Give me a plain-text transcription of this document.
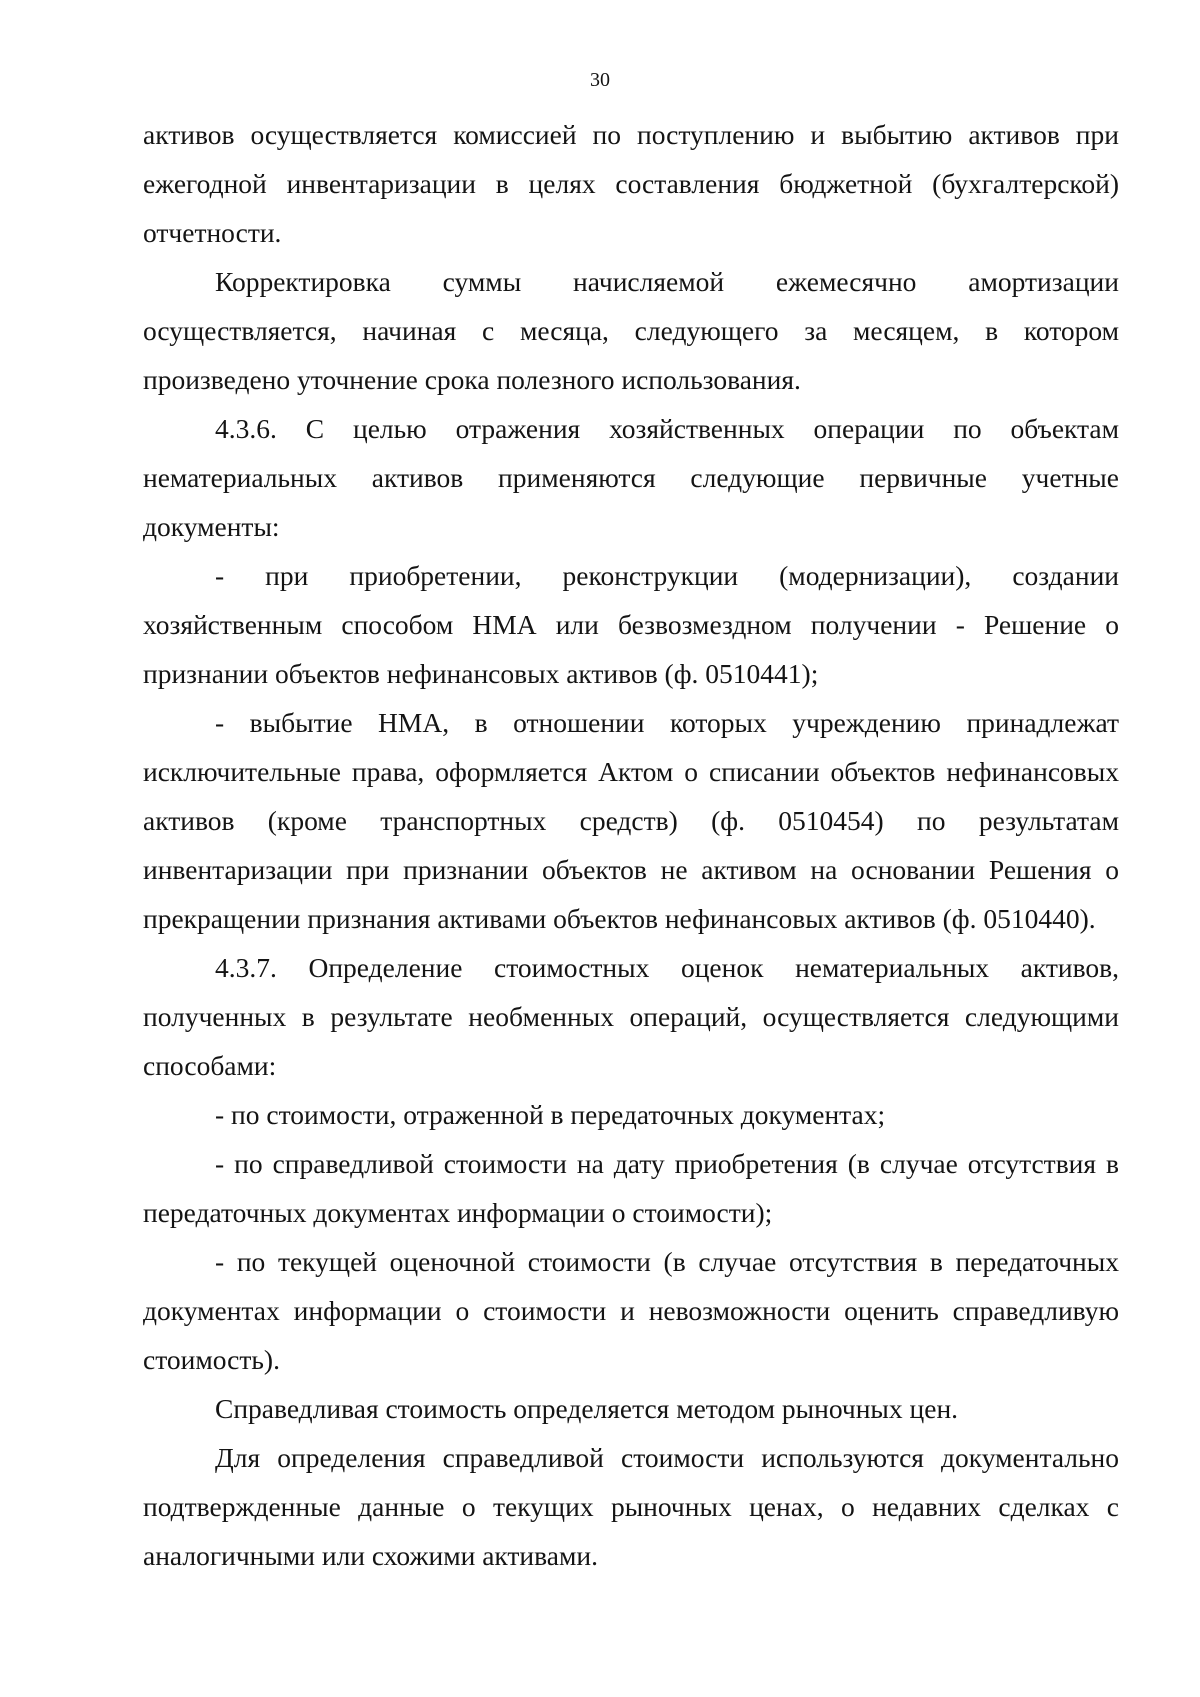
30

активов осуществляется комиссией по поступлению и выбытию активов при ежегодной инвентаризации в целях составления бюджетной (бухгалтерской) отчетности.

Корректировка суммы начисляемой ежемесячно амортизации осуществляется, начиная с месяца, следующего за месяцем, в котором произведено уточнение срока полезного использования.

4.3.6. С целью отражения хозяйственных операции по объектам нематериальных активов применяются следующие первичные учетные документы:

- при приобретении, реконструкции (модернизации), создании хозяйственным способом НМА или безвозмездном получении - Решение о признании объектов нефинансовых активов (ф. 0510441);

- выбытие НМА, в отношении которых учреждению принадлежат исключительные права, оформляется Актом о списании объектов нефинансовых активов (кроме транспортных средств) (ф. 0510454) по результатам инвентаризации при признании объектов не активом на основании Решения о прекращении признания активами объектов нефинансовых активов (ф. 0510440).

4.3.7. Определение стоимостных оценок нематериальных активов, полученных в результате необменных операций, осуществляется следующими способами:

- по стоимости, отраженной в передаточных документах;

- по справедливой стоимости на дату приобретения (в случае отсутствия в передаточных документах информации о стоимости);

- по текущей оценочной стоимости (в случае отсутствия в передаточных документах информации о стоимости и невозможности оценить справедливую стоимость).

Справедливая стоимость определяется методом рыночных цен.

Для определения справедливой стоимости используются документально подтвержденные данные о текущих рыночных ценах, о недавних сделках с аналогичными или схожими активами.
